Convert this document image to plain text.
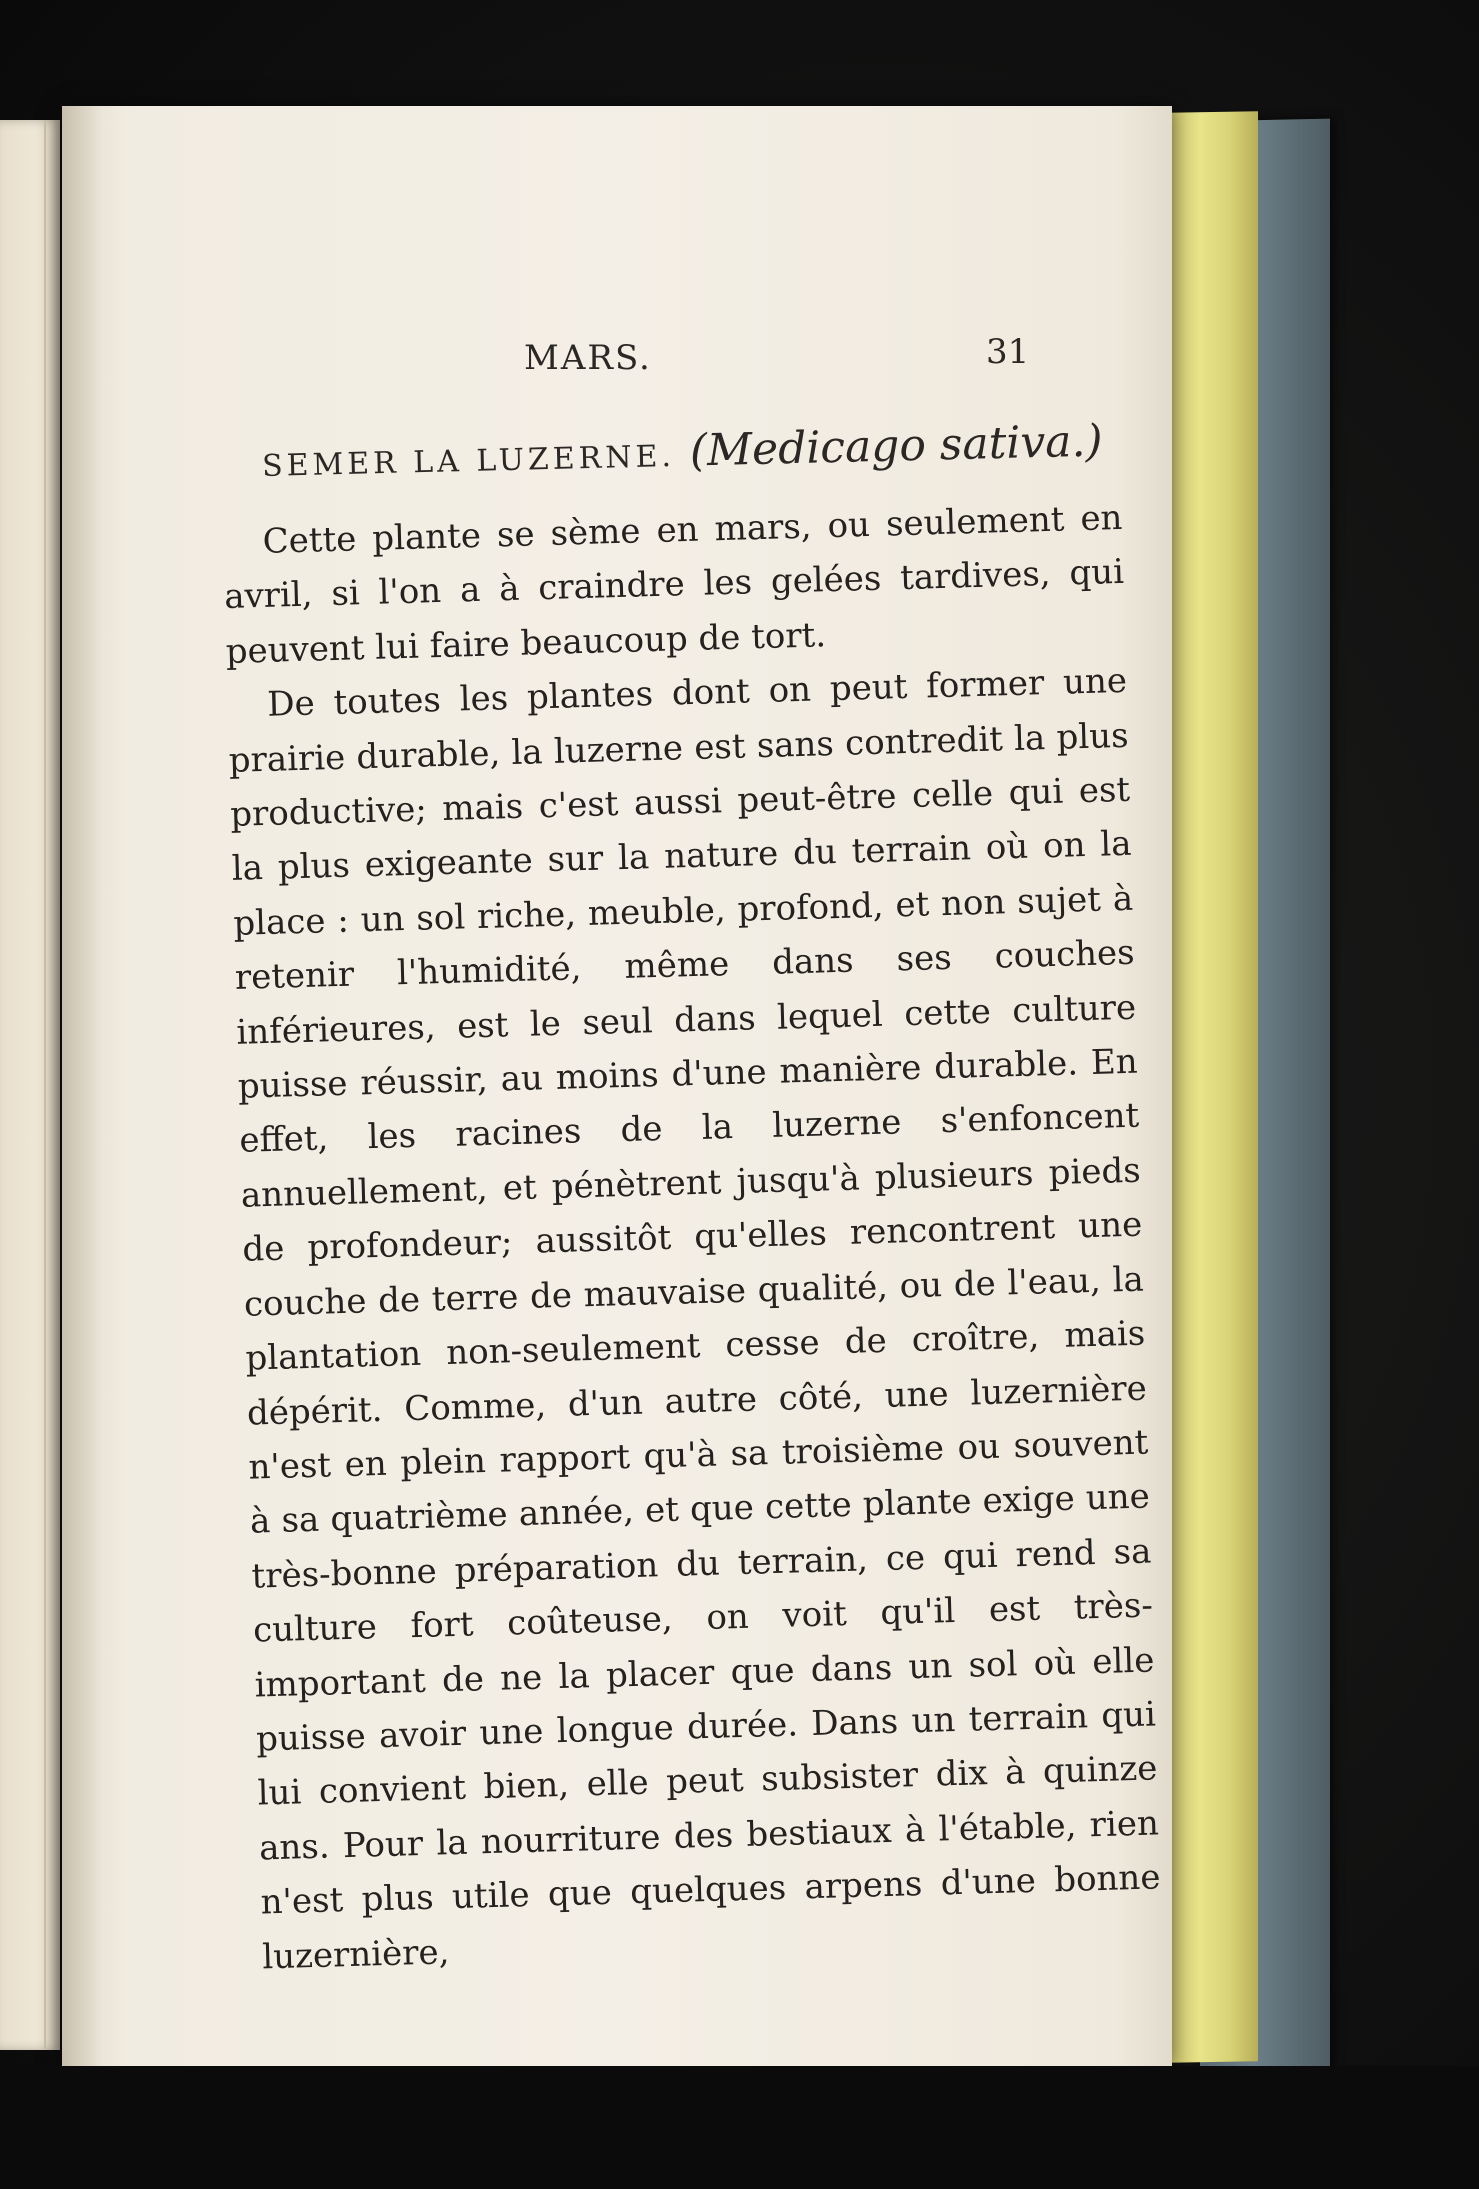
MARS.	31
SEMER LA LUZERNE. (Medicago sativa.)

Cette plante se sème en mars, ou seulement en avril, si l'on a à craindre les gelées tardives, qui peuvent lui faire beaucoup de tort.

De toutes les plantes dont on peut former une prairie durable, la luzerne est sans contredit la plus productive; mais c'est aussi peut-être celle qui est la plus exigeante sur la nature du terrain où on la place : un sol riche, meuble, profond, et non sujet à retenir l'humidité, même dans ses couches inférieures, est le seul dans lequel cette culture puisse réussir, au moins d'une manière durable. En effet, les racines de la luzerne s'enfoncent annuellement, et pénètrent jusqu'à plusieurs pieds de profondeur; aussitôt qu'elles rencontrent une couche de terre de mauvaise qualité, ou de l'eau, la plantation non-seulement cesse de croître, mais dépérit. Comme, d'un autre côté, une luzernière n'est en plein rapport qu'à sa troisième ou souvent à sa quatrième année, et que cette plante exige une très-bonne préparation du terrain, ce qui rend sa culture fort coûteuse, on voit qu'il est très-important de ne la placer que dans un sol où elle puisse avoir une longue durée. Dans un terrain qui lui convient bien, elle peut subsister dix à quinze ans. Pour la nourriture des bestiaux à l'étable, rien n'est plus utile que quelques arpens d'une bonne luzernière,
